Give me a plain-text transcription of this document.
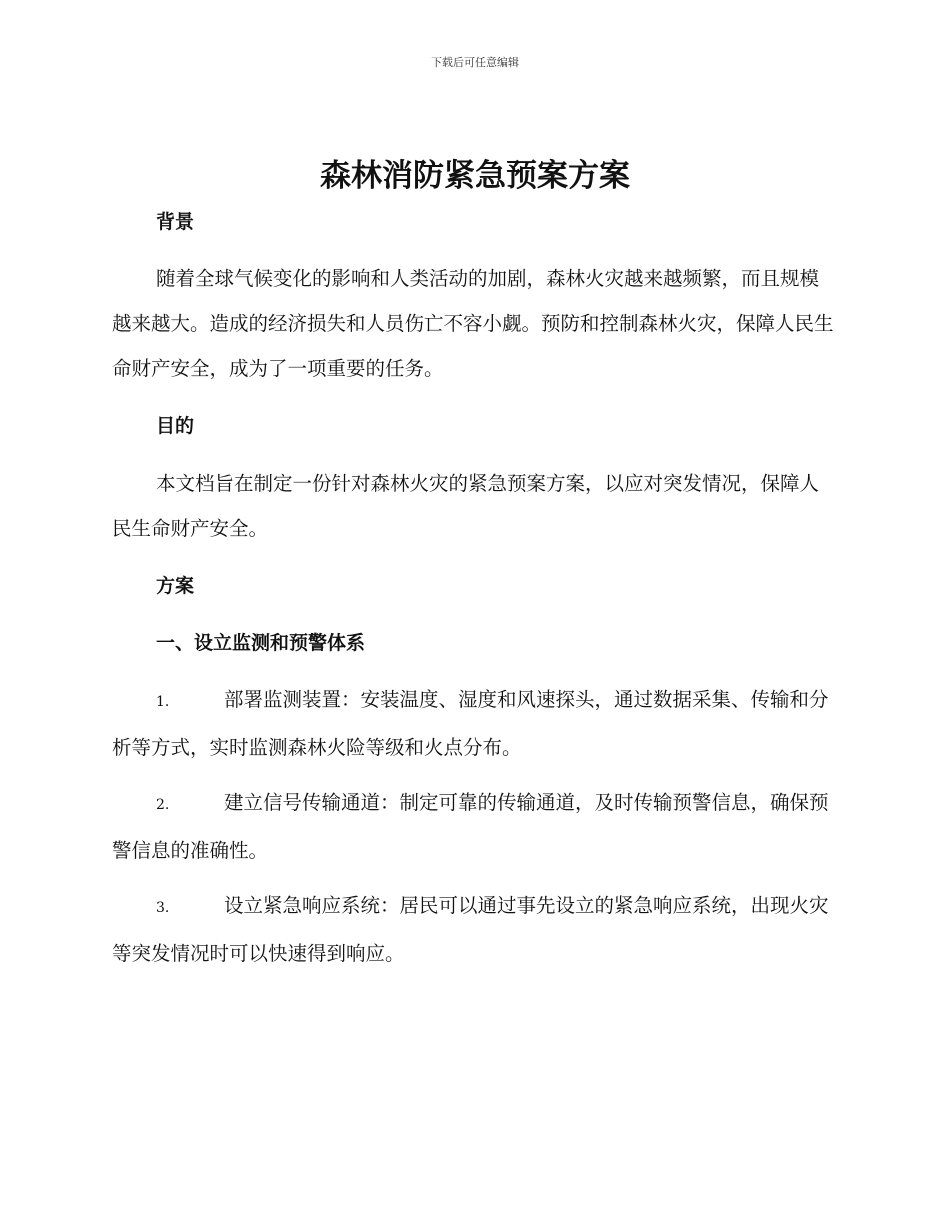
下载后可任意编辑
森林消防紧急预案方案
背景
随着全球气候变化的影响和人类活动的加剧，森林火灾越来越频繁，而且规模越来越大。造成的经济损失和人员伤亡不容小觑。预防和控制森林火灾，保障人民生命财产安全，成为了一项重要的任务。
目的
本文档旨在制定一份针对森林火灾的紧急预案方案，以应对突发情况，保障人民生命财产安全。
方案
一、设立监测和预警体系
1.	部署监测装置：安装温度、湿度和风速探头，通过数据采集、传输和分析等方式，实时监测森林火险等级和火点分布。
2.	建立信号传输通道：制定可靠的传输通道，及时传输预警信息，确保预警信息的准确性。
3.	设立紧急响应系统：居民可以通过事先设立的紧急响应系统，出现火灾等突发情况时可以快速得到响应。
